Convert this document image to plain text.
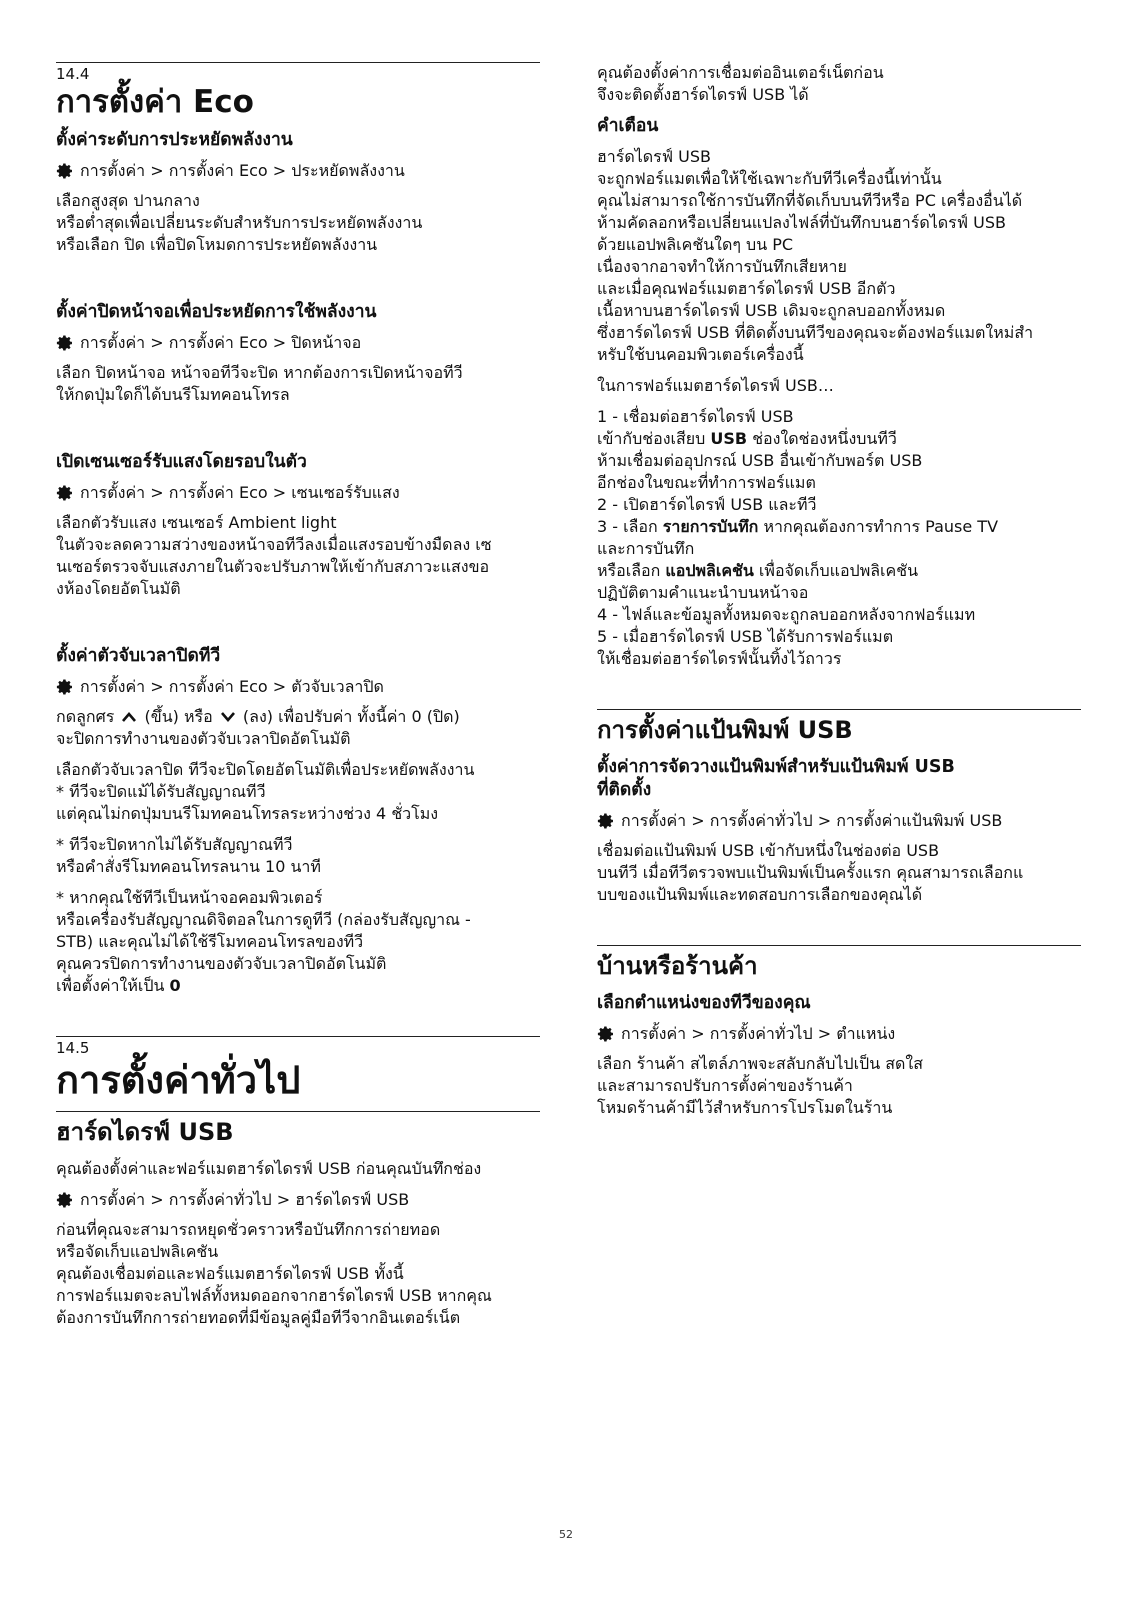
14.4
การตั้งค่า Eco
ตั้งค่าระดับการประหยัดพลังงาน
การตั้งค่า > การตั้งค่า Eco > ประหยัดพลังงาน
เลือกสูงสุด ปานกลาง
หรือต่ำสุดเพื่อเปลี่ยนระดับสำหรับการประหยัดพลังงาน
หรือเลือก ปิด เพื่อปิดโหมดการประหยัดพลังงาน
ตั้งค่าปิดหน้าจอเพื่อประหยัดการใช้พลังงาน
การตั้งค่า > การตั้งค่า Eco > ปิดหน้าจอ
เลือก ปิดหน้าจอ หน้าจอทีวีจะปิด หากต้องการเปิดหน้าจอทีวี
ให้กดปุ่มใดก็ได้บนรีโมทคอนโทรล
เปิดเซนเซอร์รับแสงโดยรอบในตัว
การตั้งค่า > การตั้งค่า Eco > เซนเซอร์รับแสง
เลือกตัวรับแสง เซนเซอร์ Ambient light
ในตัวจะลดความสว่างของหน้าจอทีวีลงเมื่อแสงรอบข้างมืดลง เซ
นเซอร์ตรวจจับแสงภายในตัวจะปรับภาพให้เข้ากับสภาวะแสงขอ
งห้องโดยอัตโนมัติ
ตั้งค่าตัวจับเวลาปิดทีวี
การตั้งค่า > การตั้งค่า Eco > ตัวจับเวลาปิด
กดลูกศร (ขึ้น) หรือ (ลง) เพื่อปรับค่า ทั้งนี้ค่า 0 (ปิด)
จะปิดการทำงานของตัวจับเวลาปิดอัตโนมัติ
เลือกตัวจับเวลาปิด ทีวีจะปิดโดยอัตโนมัติเพื่อประหยัดพลังงาน
* ทีวีจะปิดแม้ได้รับสัญญาณทีวี
แต่คุณไม่กดปุ่มบนรีโมทคอนโทรลระหว่างช่วง 4 ชั่วโมง
* ทีวีจะปิดหากไม่ได้รับสัญญาณทีวี
หรือคำสั่งรีโมทคอนโทรลนาน 10 นาที
* หากคุณใช้ทีวีเป็นหน้าจอคอมพิวเตอร์
หรือเครื่องรับสัญญาณดิจิตอลในการดูทีวี (กล่องรับสัญญาณ -
STB) และคุณไม่ได้ใช้รีโมทคอนโทรลของทีวี
คุณควรปิดการทำงานของตัวจับเวลาปิดอัตโนมัติ
เพื่อตั้งค่าให้เป็น 0
14.5
การตั้งค่าทั่วไป
ฮาร์ดไดรฟ์ USB
คุณต้องตั้งค่าและฟอร์แมตฮาร์ดไดรฟ์ USB ก่อนคุณบันทึกช่อง
การตั้งค่า > การตั้งค่าทั่วไป > ฮาร์ดไดรฟ์ USB
ก่อนที่คุณจะสามารถหยุดชั่วคราวหรือบันทึกการถ่ายทอด
หรือจัดเก็บแอปพลิเคชัน
คุณต้องเชื่อมต่อและฟอร์แมตฮาร์ดไดรฟ์ USB ทั้งนี้
การฟอร์แมตจะลบไฟล์ทั้งหมดออกจากฮาร์ดไดรฟ์ USB หากคุณ
ต้องการบันทึกการถ่ายทอดที่มีข้อมูลคู่มือทีวีจากอินเตอร์เน็ต
คุณต้องตั้งค่าการเชื่อมต่ออินเตอร์เน็ตก่อน
จึงจะติดตั้งฮาร์ดไดรฟ์ USB ได้
คำเตือน
ฮาร์ดไดรฟ์ USB
จะถูกฟอร์แมตเพื่อให้ใช้เฉพาะกับทีวีเครื่องนี้เท่านั้น
คุณไม่สามารถใช้การบันทึกที่จัดเก็บบนทีวีหรือ PC เครื่องอื่นได้
ห้ามคัดลอกหรือเปลี่ยนแปลงไฟล์ที่บันทึกบนฮาร์ดไดรฟ์ USB
ด้วยแอปพลิเคชันใดๆ บน PC
เนื่องจากอาจทำให้การบันทึกเสียหาย
และเมื่อคุณฟอร์แมตฮาร์ดไดรฟ์ USB อีกตัว
เนื้อหาบนฮาร์ดไดรฟ์ USB เดิมจะถูกลบออกทั้งหมด
ซึ่งฮาร์ดไดรฟ์ USB ที่ติดตั้งบนทีวีของคุณจะต้องฟอร์แมตใหม่สำ
หรับใช้บนคอมพิวเตอร์เครื่องนี้
ในการฟอร์แมตฮาร์ดไดรฟ์ USB…
1 - เชื่อมต่อฮาร์ดไดรฟ์ USB
เข้ากับช่องเสียบ USB ช่องใดช่องหนึ่งบนทีวี
ห้ามเชื่อมต่ออุปกรณ์ USB อื่นเข้ากับพอร์ต USB
อีกช่องในขณะที่ทำการฟอร์แมต
2 - เปิดฮาร์ดไดรฟ์ USB และทีวี
3 - เลือก รายการบันทึก หากคุณต้องการทำการ Pause TV
และการบันทึก
หรือเลือก แอปพลิเคชัน เพื่อจัดเก็บแอปพลิเคชัน
ปฏิบัติตามคำแนะนำบนหน้าจอ
4 - ไฟล์และข้อมูลทั้งหมดจะถูกลบออกหลังจากฟอร์แมท
5 - เมื่อฮาร์ดไดรฟ์ USB ได้รับการฟอร์แมต
ให้เชื่อมต่อฮาร์ดไดรฟ์นั้นทิ้งไว้ถาวร
การตั้งค่าแป้นพิมพ์ USB
ตั้งค่าการจัดวางแป้นพิมพ์สำหรับแป้นพิมพ์ USB
ที่ติดตั้ง
การตั้งค่า > การตั้งค่าทั่วไป > การตั้งค่าแป้นพิมพ์ USB
เชื่อมต่อแป้นพิมพ์ USB เข้ากับหนึ่งในช่องต่อ USB
บนทีวี เมื่อทีวีตรวจพบแป้นพิมพ์เป็นครั้งแรก คุณสามารถเลือกแ
บบของแป้นพิมพ์และทดสอบการเลือกของคุณได้
บ้านหรือร้านค้า
เลือกตำแหน่งของทีวีของคุณ
การตั้งค่า > การตั้งค่าทั่วไป > ตำแหน่ง
เลือก ร้านค้า สไตล์ภาพจะสลับกลับไปเป็น สดใส
และสามารถปรับการตั้งค่าของร้านค้า
โหมดร้านค้ามีไว้สำหรับการโปรโมตในร้าน
52
